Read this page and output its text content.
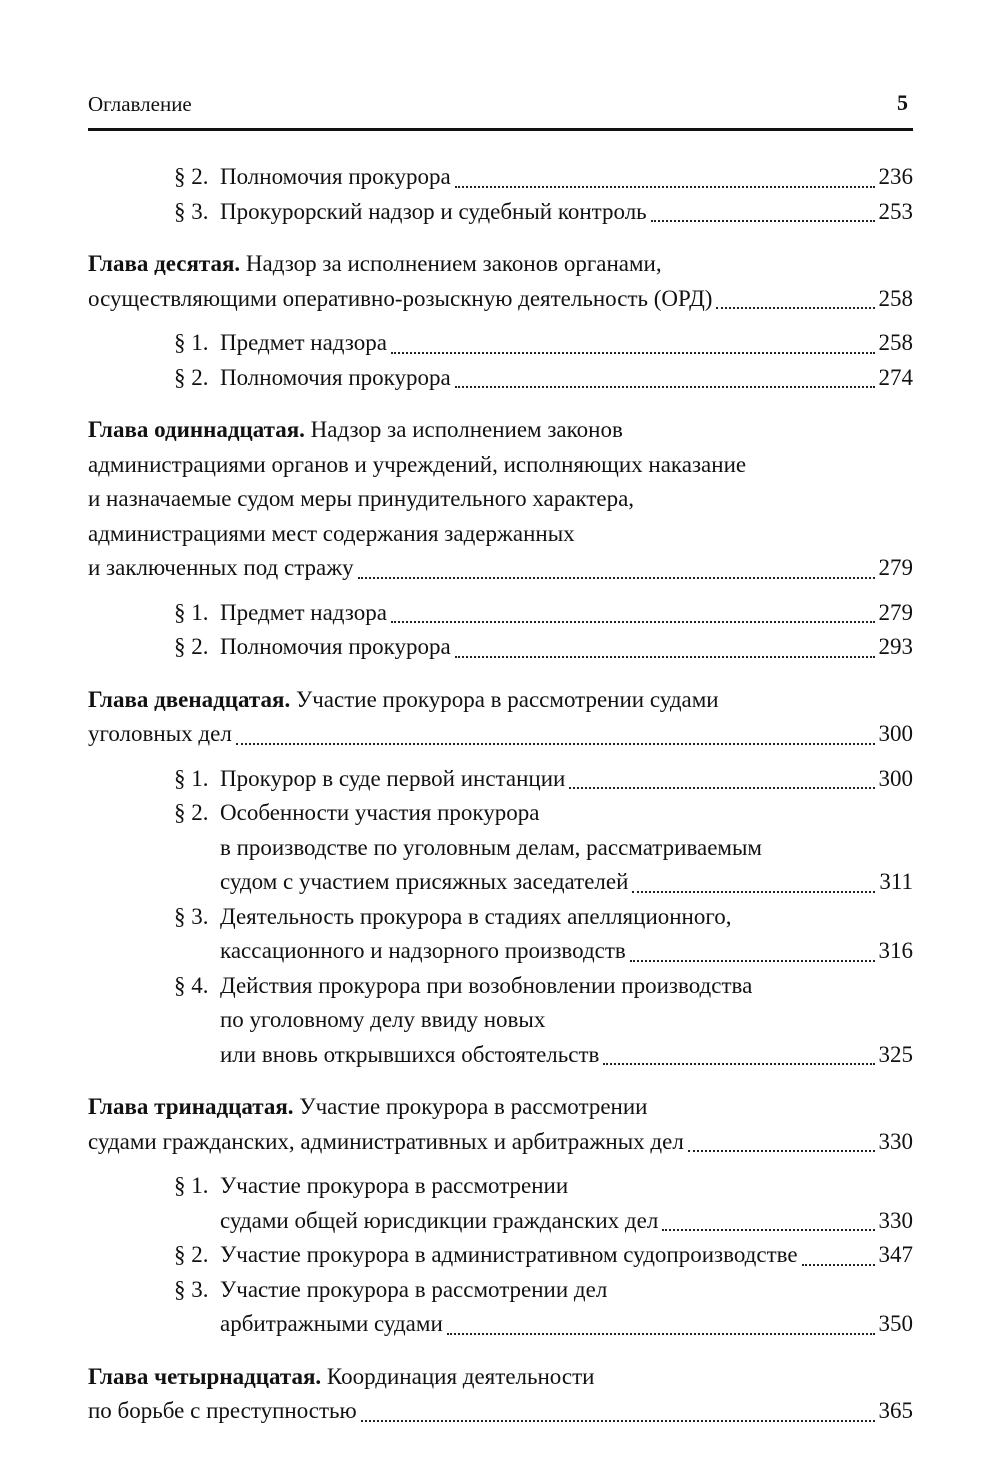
Оглавление	5
§ 2. Полномочия прокурора	236
§ 3. Прокурорский надзор и судебный контроль	253
Глава десятая. Надзор за исполнением законов органами,
осуществляющими оперативно-розыскную деятельность (ОРД)	258
§ 1. Предмет надзора	258
§ 2. Полномочия прокурора	274
Глава одиннадцатая. Надзор за исполнением законов
администрациями органов и учреждений, исполняющих наказание
и назначаемые судом меры принудительного характера,
администрациями мест содержания задержанных
и заключенных под стражу	279
§ 1. Предмет надзора	279
§ 2. Полномочия прокурора	293
Глава двенадцатая. Участие прокурора в рассмотрении судами
уголовных дел	300
§ 1. Прокурор в суде первой инстанции	300
§ 2. Особенности участия прокурора
в производстве по уголовным делам, рассматриваемым
судом с участием присяжных заседателей	311
§ 3. Деятельность прокурора в стадиях апелляционного,
кассационного и надзорного производств	316
§ 4. Действия прокурора при возобновлении производства
по уголовному делу ввиду новых
или вновь открывшихся обстоятельств	325
Глава тринадцатая. Участие прокурора в рассмотрении
судами гражданских, административных и арбитражных дел	330
§ 1. Участие прокурора в рассмотрении
судами общей юрисдикции гражданских дел	330
§ 2. Участие прокурора в административном судопроизводстве	347
§ 3. Участие прокурора в рассмотрении дел
арбитражными судами	350
Глава четырнадцатая. Координация деятельности
по борьбе с преступностью	365
